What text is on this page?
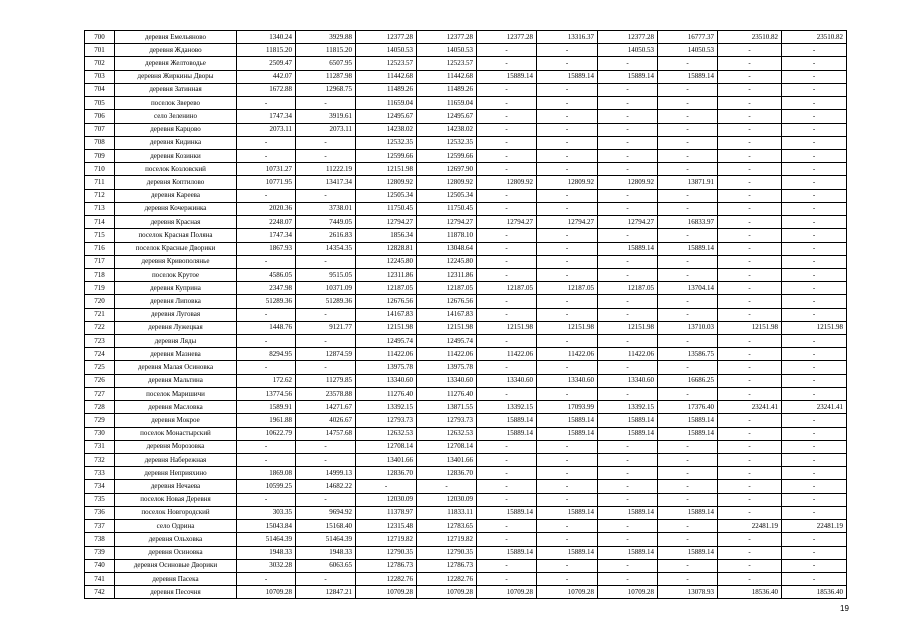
700	деревня Емельяново	1340.24	3929.88	12377.28	12377.28	12377.28	13316.37	12377.28	16777.37	23510.82	23510.82
701	деревня Жданово	11815.20	11815.20	14050.53	14050.53	-	-	14050.53	14050.53	-	-
702	деревня Желтоводье	2509.47	6507.95	12523.57	12523.57	-	-	-	-	-	-
703	деревня Жиркины Дворы	442.07	11287.98	11442.68	11442.68	15889.14	15889.14	15889.14	15889.14	-	-
704	деревня Затинная	1672.88	12968.75	11489.26	11489.26	-	-	-	-	-	-
705	поселок Зверево	-	-	11659.04	11659.04	-	-	-	-	-	-
706	село Зеленино	1747.34	3919.61	12495.67	12495.67	-	-	-	-	-	-
707	деревня Карцово	2073.11	2073.11	14238.02	14238.02	-	-	-	-	-	-
708	деревня Кидинка	-	-	12532.35	12532.35	-	-	-	-	-	-
709	деревня Козинки	-	-	12599.66	12599.66	-	-	-	-	-	-
710	поселок Козловский	10731.27	11222.19	12151.98	12697.90	-	-	-	-	-	-
711	деревня Коптилово	10771.95	13417.34	12809.92	12809.92	12809.92	12809.92	12809.92	13871.91	-	-
712	деревня Кареева	-	-	12505.34	12505.34	-	-	-	-	-	-
713	деревня Кочержинка	2020.36	3738.01	11750.45	11750.45	-	-	-	-	-	-
714	деревня Красная	2248.07	7449.05	12794.27	12794.27	12794.27	12794.27	12794.27	16833.97	-	-
715	поселок Красная Поляна	1747.34	2616.83	1856.34	11878.10	-	-	-	-	-	-
716	поселок Красные Дворики	1867.93	14354.35	12828.81	13048.64	-	-	15889.14	15889.14	-	-
717	деревня Кривополянье	-	-	12245.80	12245.80	-	-	-	-	-	-
718	поселок Крутое	4586.05	9515.05	12311.86	12311.86	-	-	-	-	-	-
719	деревня Куприна	2347.98	10371.09	12187.05	12187.05	12187.05	12187.05	12187.05	13704.14	-	-
720	деревня Липовка	51289.36	51289.36	12676.56	12676.56	-	-	-	-	-	-
721	деревня Луговая	-	-	14167.83	14167.83	-	-	-	-	-	-
722	деревня Лужецкая	1448.76	9121.77	12151.98	12151.98	12151.98	12151.98	12151.98	13710.03	12151.98	12151.98
723	деревня Ляды	-	-	12495.74	12495.74	-	-	-	-	-	-
724	деревня Мазнева	8294.95	12874.59	11422.06	11422.06	11422.06	11422.06	11422.06	13586.75	-	-
725	деревня Малая Осиновка	-	-	13975.78	13975.78	-	-	-	-	-	-
726	деревня Мальтина	172.62	11279.85	13340.60	13340.60	13340.60	13340.60	13340.60	16686.25	-	-
727	поселок Маришичи	13774.56	23578.88	11276.40	11276.40	-	-	-	-	-	-
728	деревня Масловка	1589.91	14271.67	13392.15	13871.55	13392.15	17093.99	13392.15	17376.40	23241.41	23241.41
729	деревня Мокрое	1961.88	4026.67	12793.73	12793.73	15889.14	15889.14	15889.14	15889.14	-	-
730	поселок Монастырский	10622.79	14757.68	12632.53	12632.53	15889.14	15889.14	15889.14	15889.14	-	-
731	деревня Морозовка	-	-	12708.14	12708.14	-	-	-	-	-	-
732	деревня Набережная	-	-	13401.66	13401.66	-	-	-	-	-	-
733	деревня Неприяхино	1869.08	14999.13	12836.70	12836.70	-	-	-	-	-	-
734	деревня Нечаева	10599.25	14682.22	-	-	-	-	-	-	-	-
735	поселок Новая Деревня	-	-	12030.09	12030.09	-	-	-	-	-	-
736	поселок Новгородский	303.35	9694.92	11378.97	11833.11	15889.14	15889.14	15889.14	15889.14	-	-
737	село Одрина	15043.84	15168.40	12315.48	12783.65	-	-	-	-	22481.19	22481.19
738	деревня Ольховка	51464.39	51464.39	12719.82	12719.82	-	-	-	-	-	-
739	деревня Осиновка	1948.33	1948.33	12790.35	12790.35	15889.14	15889.14	15889.14	15889.14	-	-
740	деревня Осиновые Дворики	3032.28	6063.65	12786.73	12786.73	-	-	-	-	-	-
741	деревня Пасека	-	-	12282.76	12282.76	-	-	-	-	-	-
742	деревня Песочня	10709.28	12847.21	10709.28	10709.28	10709.28	10709.28	10709.28	13078.93	18536.40	18536.40
19
